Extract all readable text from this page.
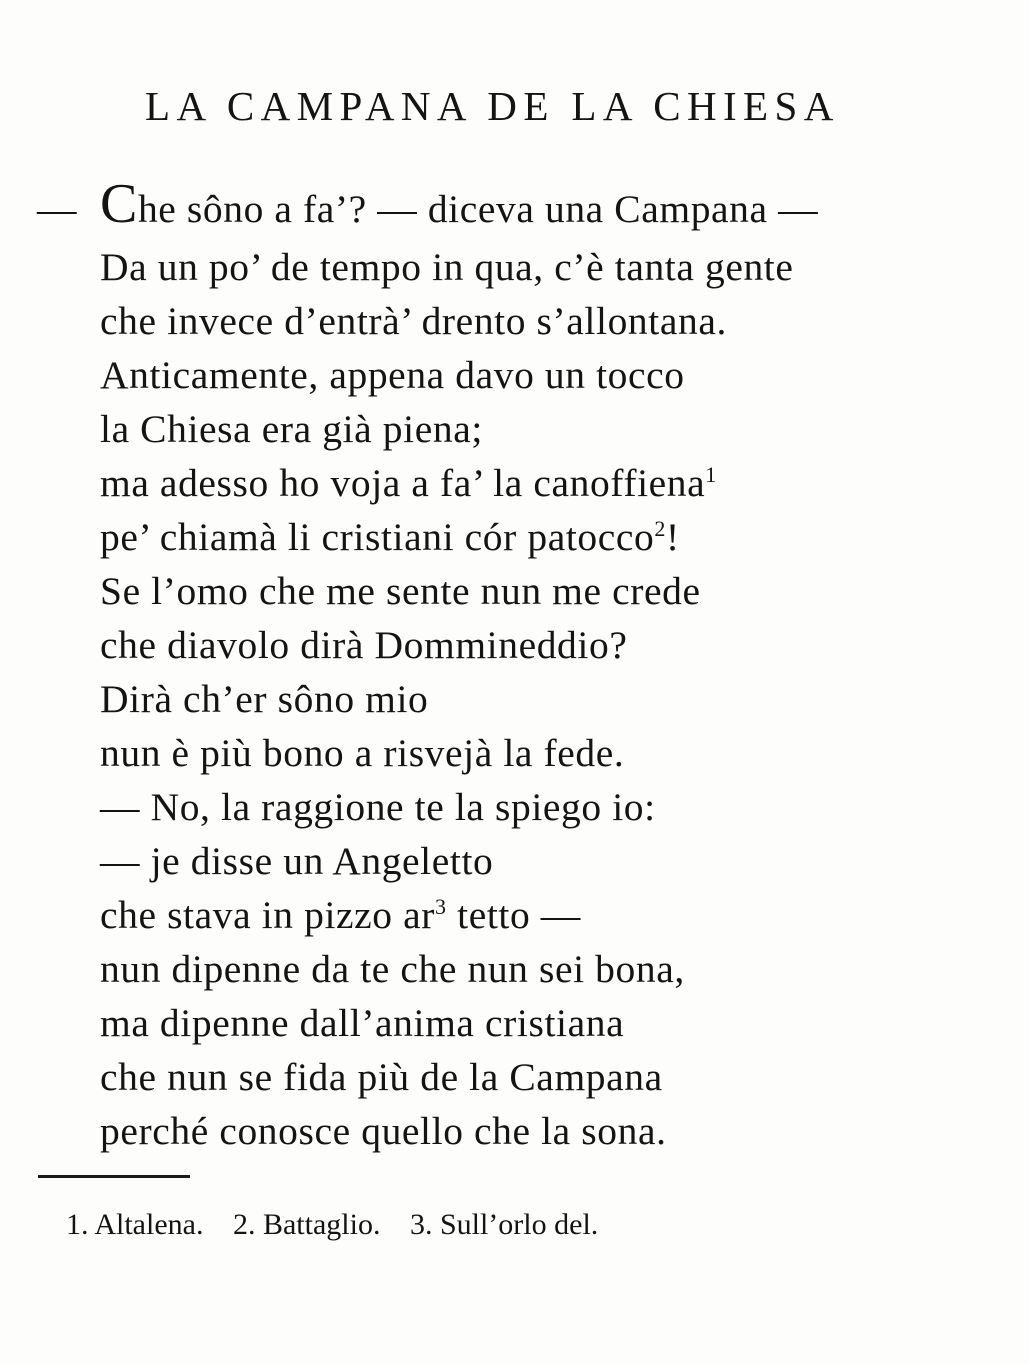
LA CAMPANA DE LA CHIESA
— Che sôno a fa’? — diceva una Campana —
Da un po’ de tempo in qua, c’è tanta gente
che invece d’entrà’ drento s’allontana.
Anticamente, appena davo un tocco
la Chiesa era già piena;
ma adesso ho voja a fa’ la canoffiena$^1$
pe’ chiamà li cristiani cór patocco$^2$!
Se l’omo che me sente nun me crede
che diavolo dirà Dommineddio?
Dirà ch’er sôno mio
nun è più bono a risvejà la fede.
— No, la raggione te la spiego io:
— je disse un Angeletto
che stava in pizzo ar$^3$ tetto —
nun dipenne da te che nun sei bona,
ma dipenne dall’anima cristiana
che nun se fida più de la Campana
perché conosce quello che la sona.
1. Altalena. 2. Battaglio. 3. Sull’orlo del.
